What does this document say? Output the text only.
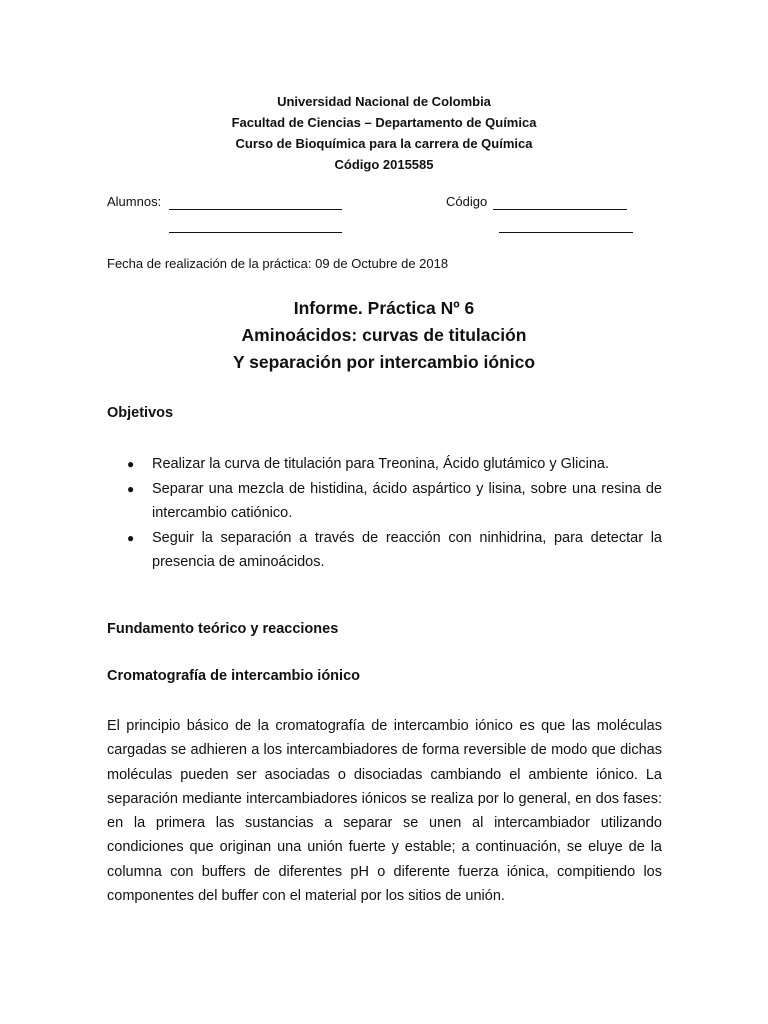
Universidad Nacional de Colombia
Facultad de Ciencias – Departamento de Química
Curso de Bioquímica para la carrera de Química
Código 2015585
Alumnos:	Código
Fecha de realización de la práctica: 09 de Octubre de 2018
Informe. Práctica Nº 6
Aminoácidos: curvas de titulación
Y separación por intercambio iónico
Objetivos
● Realizar la curva de titulación para Treonina, Ácido glutámico y Glicina.
● Separar una mezcla de histidina, ácido aspártico y lisina, sobre una resina de intercambio catiónico.
● Seguir la separación a través de reacción con ninhidrina, para detectar la presencia de aminoácidos.
Fundamento teórico y reacciones
Cromatografía de intercambio iónico

El principio básico de la cromatografía de intercambio iónico es que las moléculas cargadas se adhieren a los intercambiadores de forma reversible de modo que dichas moléculas pueden ser asociadas o disociadas cambiando el ambiente iónico. La separación mediante intercambiadores iónicos se realiza por lo general, en dos fases: en la primera las sustancias a separar se unen al intercambiador utilizando condiciones que originan una unión fuerte y estable; a continuación, se eluye de la columna con buffers de diferentes pH o diferente fuerza iónica, compitiendo los componentes del buffer con el material por los sitios de unión.
